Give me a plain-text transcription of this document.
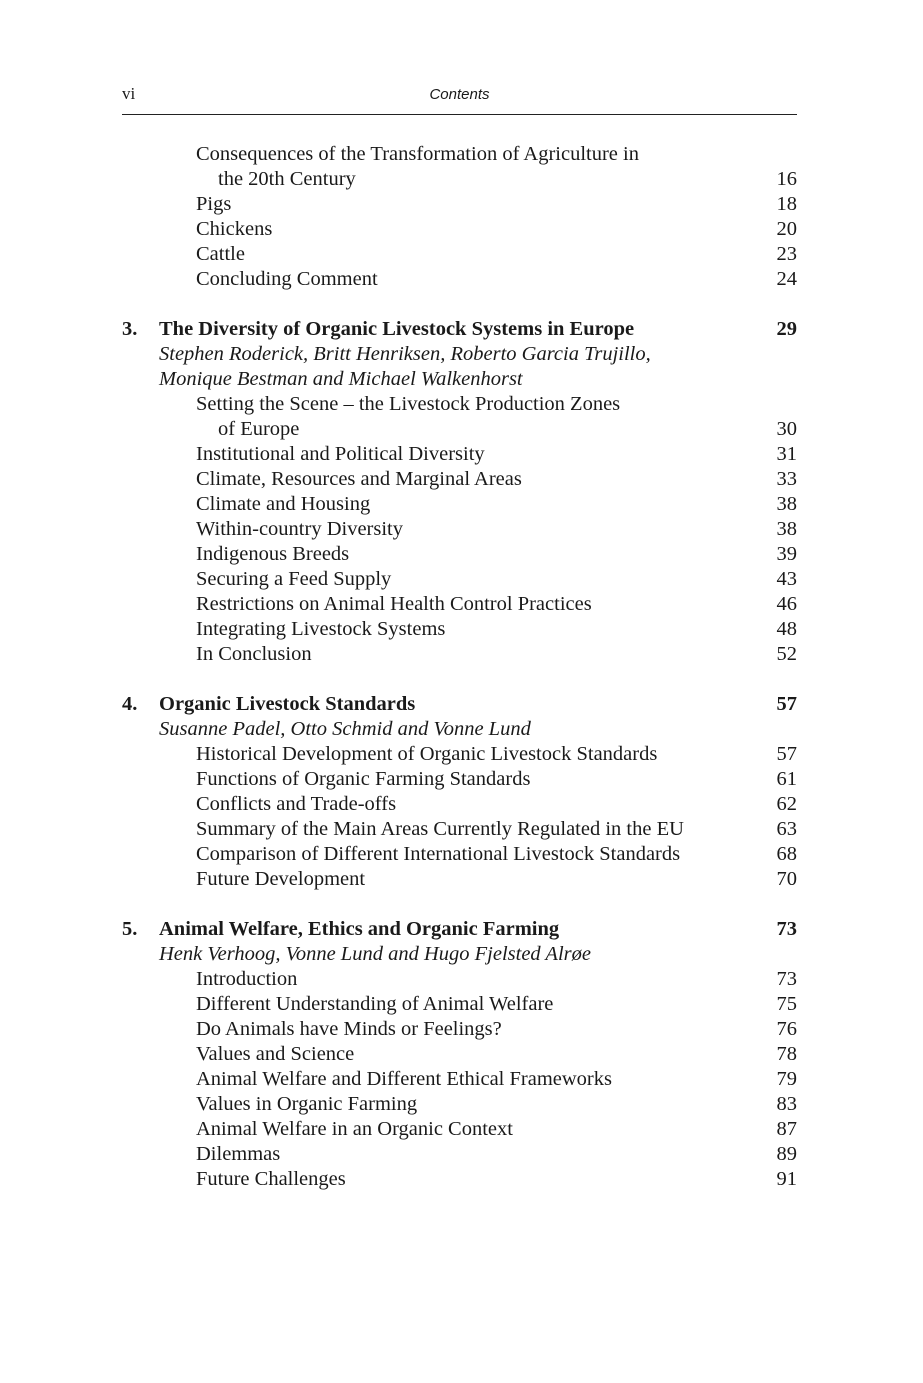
vi	Contents
Consequences of the Transformation of Agriculture in
the 20th Century	16
Pigs	18
Chickens	20
Cattle	23
Concluding Comment	24
3. The Diversity of Organic Livestock Systems in Europe	29
Stephen Roderick, Britt Henriksen, Roberto Garcia Trujillo,
Monique Bestman and Michael Walkenhorst
Setting the Scene – the Livestock Production Zones
of Europe	30
Institutional and Political Diversity	31
Climate, Resources and Marginal Areas	33
Climate and Housing	38
Within-country Diversity	38
Indigenous Breeds	39
Securing a Feed Supply	43
Restrictions on Animal Health Control Practices	46
Integrating Livestock Systems	48
In Conclusion	52
4. Organic Livestock Standards	57
Susanne Padel, Otto Schmid and Vonne Lund
Historical Development of Organic Livestock Standards	57
Functions of Organic Farming Standards	61
Conflicts and Trade-offs	62
Summary of the Main Areas Currently Regulated in the EU	63
Comparison of Different International Livestock Standards	68
Future Development	70
5. Animal Welfare, Ethics and Organic Farming	73
Henk Verhoog, Vonne Lund and Hugo Fjelsted Alrøe
Introduction	73
Different Understanding of Animal Welfare	75
Do Animals have Minds or Feelings?	76
Values and Science	78
Animal Welfare and Different Ethical Frameworks	79
Values in Organic Farming	83
Animal Welfare in an Organic Context	87
Dilemmas	89
Future Challenges	91
